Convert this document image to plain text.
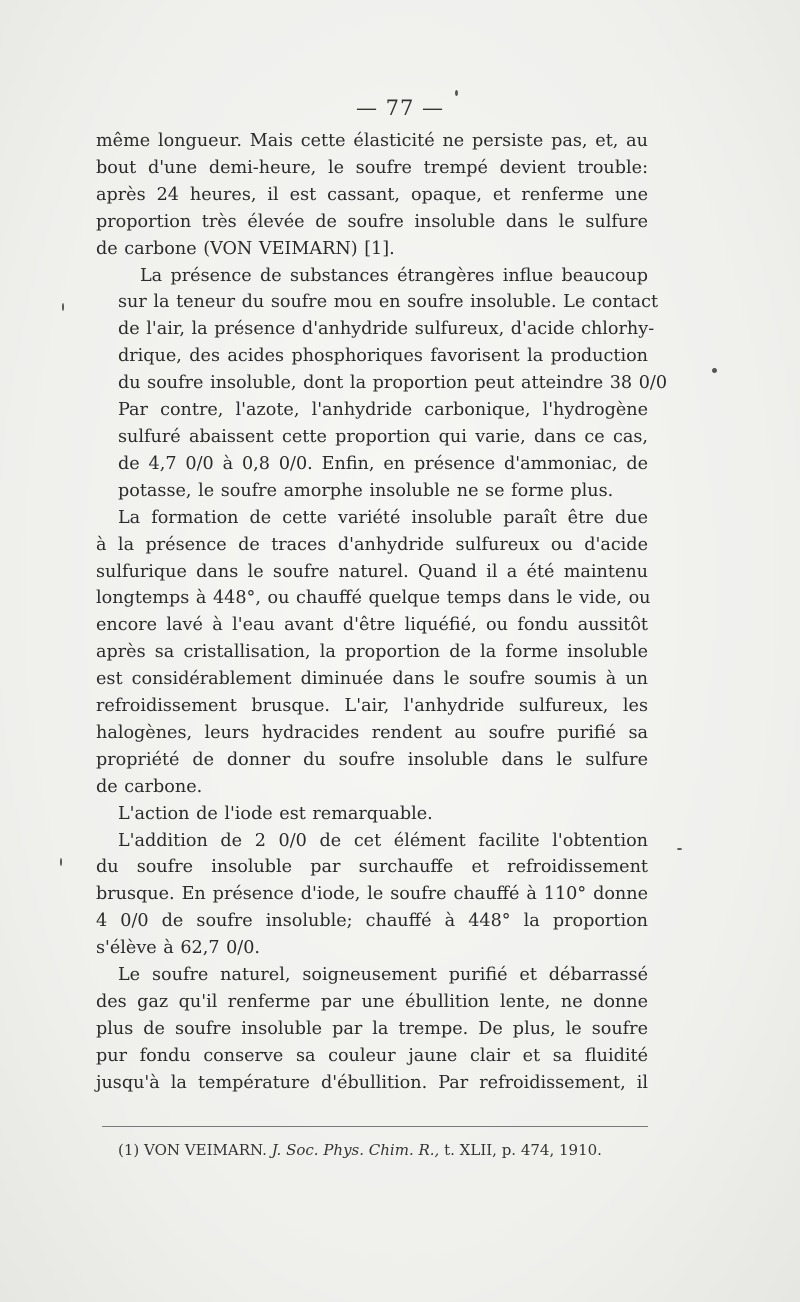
— 77 —

même longueur. Mais cette élasticité ne persiste pas, et, au
bout d'une demi-heure, le soufre trempé devient trouble:
après 24 heures, il est cassant, opaque, et renferme une
proportion très élevée de soufre insoluble dans le sulfure
de carbone (VON VEIMARN) [1].

La présence de substances étrangères influe beaucoup
sur la teneur du soufre mou en soufre insoluble. Le contact
de l'air, la présence d'anhydride sulfureux, d'acide chlorhy-
drique, des acides phosphoriques favorisent la production
du soufre insoluble, dont la proportion peut atteindre 38 0/0
Par contre, l'azote, l'anhydride carbonique, l'hydrogène
sulfuré abaissent cette proportion qui varie, dans ce cas,
de 4,7 0/0 à 0,8 0/0. Enfin, en présence d'ammoniac, de
potasse, le soufre amorphe insoluble ne se forme plus.

La formation de cette variété insoluble paraît être due
à la présence de traces d'anhydride sulfureux ou d'acide
sulfurique dans le soufre naturel. Quand il a été maintenu
longtemps à 448°, ou chauffé quelque temps dans le vide, ou
encore lavé à l'eau avant d'être liquéfié, ou fondu aussitôt
après sa cristallisation, la proportion de la forme insoluble
est considérablement diminuée dans le soufre soumis à un
refroidissement brusque. L'air, l'anhydride sulfureux, les
halogènes, leurs hydracides rendent au soufre purifié sa
propriété de donner du soufre insoluble dans le sulfure
de carbone.

L'action de l'iode est remarquable.

L'addition de 2 0/0 de cet élément facilite l'obtention
du soufre insoluble par surchauffe et refroidissement
brusque. En présence d'iode, le soufre chauffé à 110° donne
4 0/0 de soufre insoluble; chauffé à 448° la proportion
s'élève à 62,7 0/0.

Le soufre naturel, soigneusement purifié et débarrassé
des gaz qu'il renferme par une ébullition lente, ne donne
plus de soufre insoluble par la trempe. De plus, le soufre
pur fondu conserve sa couleur jaune clair et sa fluidité
jusqu'à la température d'ébullition. Par refroidissement, il

(1) VON VEIMARN. J. Soc. Phys. Chim. R., t. XLII, p. 474, 1910.
